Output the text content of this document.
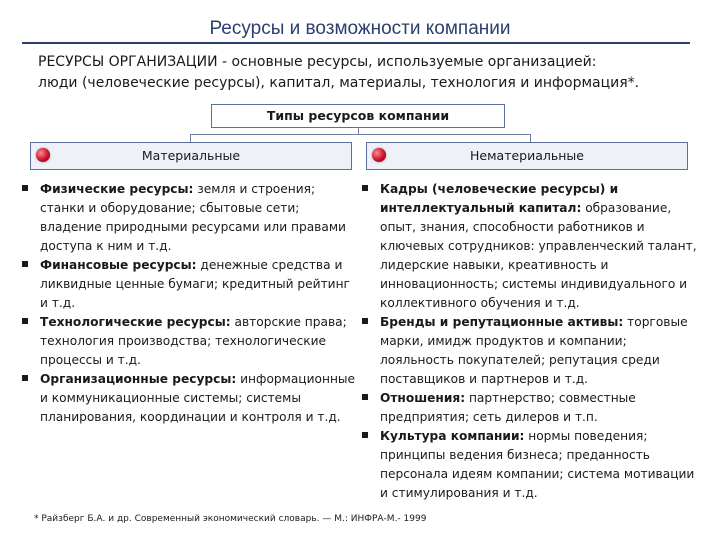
Ресурсы и возможности компании
РЕСУРСЫ ОРГАНИЗАЦИИ - основные ресурсы, используемые организацией:
люди (человеческие ресурсы), капитал, материалы, технология и информация*.
Типы ресурсов компании
Материальные	Нематериальные
Физические ресурсы: земля и строения; станки и оборудование; сбытовые сети; владение природными ресурсами или правами доступа к ним и т.д.
Финансовые ресурсы: денежные средства и ликвидные ценные бумаги; кредитный рейтинг и т.д.
Технологические ресурсы: авторские права; технология производства; технологические процессы и т.д.
Организационные ресурсы: информационные и коммуникационные системы; системы планирования, координации и контроля и т.д.
Кадры (человеческие ресурсы) и интеллектуальный капитал: образование, опыт, знания, способности работников и ключевых сотрудников: управленческий талант, лидерские навыки, креативность и инновационность; системы индивидуального и коллективного обучения и т.д.
Бренды и репутационные активы: торговые марки, имидж продуктов и компании; лояльность покупателей; репутация среди поставщиков и партнеров и т.д.
Отношения: партнерство; совместные предприятия; сеть дилеров и т.п.
Культура компании: нормы поведения; принципы ведения бизнеса; преданность персонала идеям компании; система мотивации и стимулирования и т.д.
* Райзберг Б.А. и др. Современный экономический словарь. — М.: ИНФРА-М.- 1999
